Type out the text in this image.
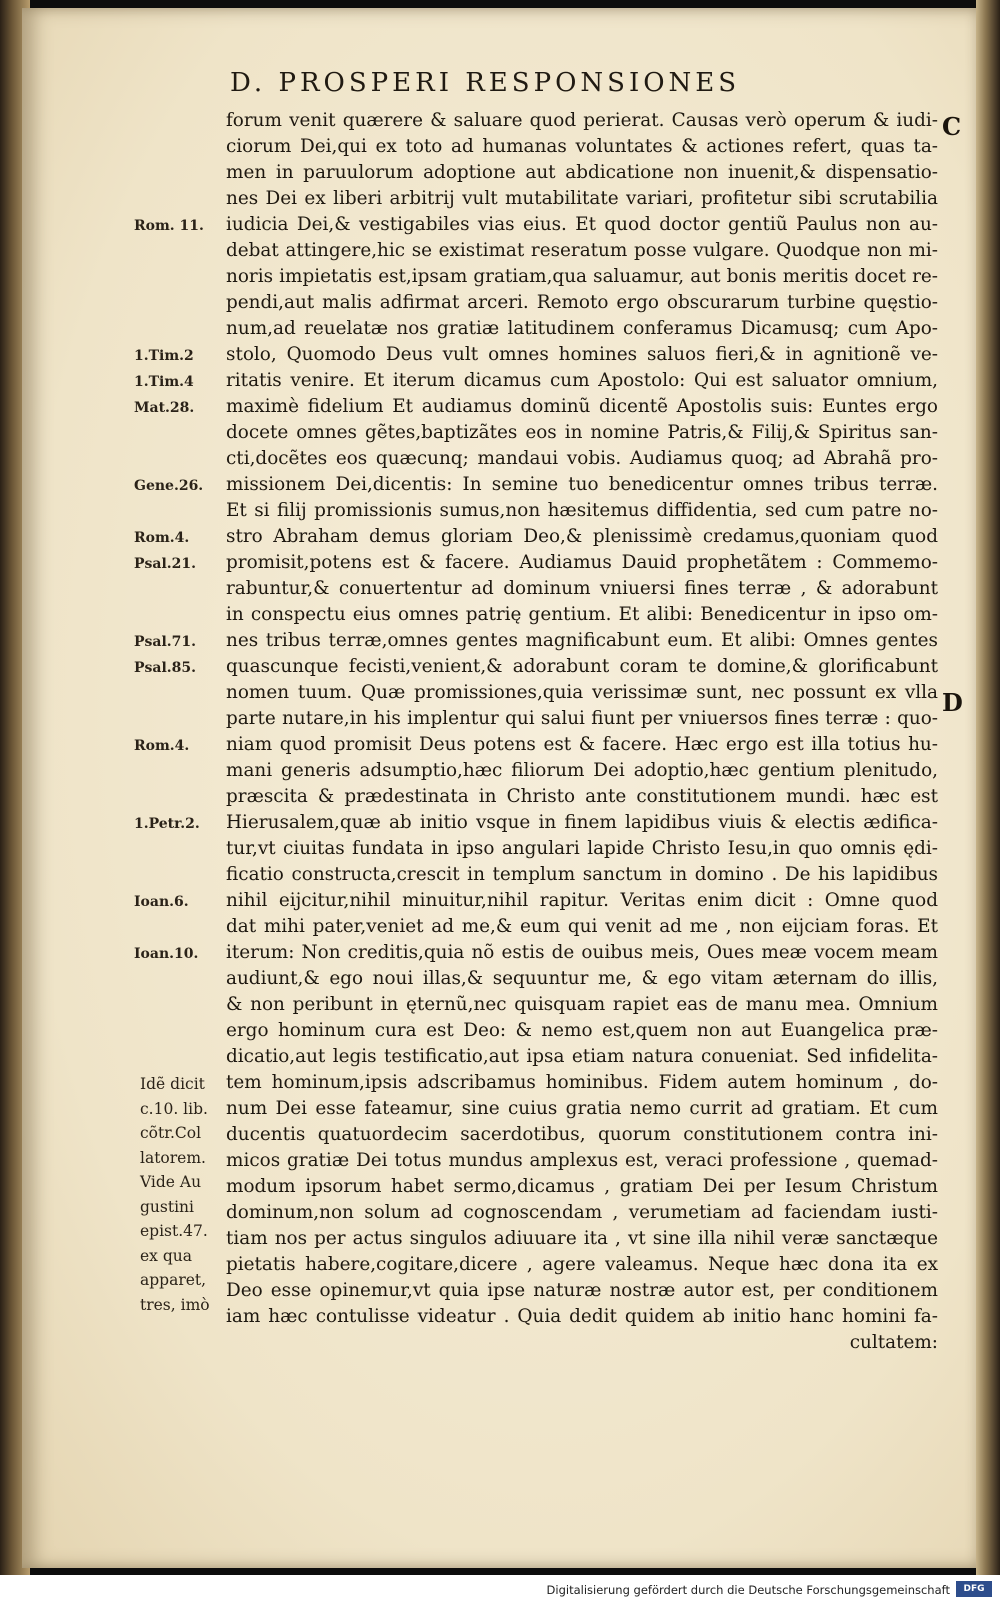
D. PROSPERI RESPONSIONES
forum venit quærere & saluare quod perierat. Causas verò operum & iudi-
ciorum Dei,qui ex toto ad humanas voluntates & actiones refert, quas ta-
men in paruulorum adoptione aut abdicatione non inuenit,& dispensatio-
nes Dei ex liberi arbitrij vult mutabilitate variari, profitetur sibi scrutabilia
iudicia Dei,& vestigabiles vias eius. Et quod doctor gentiũ Paulus non au-
debat attingere,hic se existimat reseratum posse vulgare. Quodque non mi-
noris impietatis est,ipsam gratiam,qua saluamur, aut bonis meritis docet re-
pendi,aut malis adfirmat arceri. Remoto ergo obscurarum turbine quęstio-
num,ad reuelatæ nos gratiæ latitudinem conferamus Dicamusq; cum Apo-
stolo, Quomodo Deus vult omnes homines saluos fieri,& in agnitionẽ ve-
ritatis venire. Et iterum dicamus cum Apostolo: Qui est saluator omnium,
maximè fidelium Et audiamus dominũ dicentẽ Apostolis suis: Euntes ergo
docete omnes gẽtes,baptizãtes eos in nomine Patris,& Filij,& Spiritus san-
cti,docẽtes eos quæcunq; mandaui vobis. Audiamus quoq; ad Abrahã pro-
missionem Dei,dicentis: In semine tuo benedicentur omnes tribus terræ.
Et si filij promissionis sumus,non hæsitemus diffidentia, sed cum patre no-
stro Abraham demus gloriam Deo,& plenissimè credamus,quoniam quod
promisit,potens est & facere. Audiamus Dauid prophetãtem : Commemo-
rabuntur,& conuertentur ad dominum vniuersi fines terræ , & adorabunt
in conspectu eius omnes patrię gentium. Et alibi: Benedicentur in ipso om-
nes tribus terræ,omnes gentes magnificabunt eum. Et alibi: Omnes gentes
quascunque fecisti,venient,& adorabunt coram te domine,& glorificabunt
nomen tuum. Quæ promissiones,quia verissimæ sunt, nec possunt ex vlla
parte nutare,in his implentur qui salui fiunt per vniuersos fines terræ : quo-
niam quod promisit Deus potens est & facere. Hæc ergo est illa totius hu-
mani generis adsumptio,hæc filiorum Dei adoptio,hæc gentium plenitudo,
præscita & prædestinata in Christo ante constitutionem mundi. hæc est
Hierusalem,quæ ab initio vsque in finem lapidibus viuis & electis ædifica-
tur,vt ciuitas fundata in ipso angulari lapide Christo Iesu,in quo omnis ędi-
ficatio constructa,crescit in templum sanctum in domino . De his lapidibus
nihil eijcitur,nihil minuitur,nihil rapitur. Veritas enim dicit : Omne quod
dat mihi pater,veniet ad me,& eum qui venit ad me , non eijciam foras. Et
iterum: Non creditis,quia nõ estis de ouibus meis, Oues meæ vocem meam
audiunt,& ego noui illas,& sequuntur me, & ego vitam æternam do illis,
& non peribunt in ęternũ,nec quisquam rapiet eas de manu mea. Omnium
ergo hominum cura est Deo: & nemo est,quem non aut Euangelica præ-
dicatio,aut legis testificatio,aut ipsa etiam natura conueniat. Sed infidelita-
tem hominum,ipsis adscribamus hominibus. Fidem autem hominum , do-
num Dei esse fateamur, sine cuius gratia nemo currit ad gratiam. Et cum
ducentis quatuordecim sacerdotibus, quorum constitutionem contra ini-
micos gratiæ Dei totus mundus amplexus est, veraci professione , quemad-
modum ipsorum habet sermo,dicamus , gratiam Dei per Iesum Christum
dominum,non solum ad cognoscendam , verumetiam ad faciendam iusti-
tiam nos per actus singulos adiuuare ita , vt sine illa nihil veræ sanctæque
pietatis habere,cogitare,dicere , agere valeamus. Neque hæc dona ita ex
Deo esse opinemur,vt quia ipse naturæ nostræ autor est, per conditionem
iam hæc contulisse videatur . Quia dedit quidem ab initio hanc homini fa-
cultatem:
Rom. 11.
1.Tim.2
1.Tim.4
Mat.28.
Gene.26.
Rom.4.
Psal.21.
Psal.71.
Psal.85.
Rom.4.
1.Petr.2.
Ioan.6.
Ioan.10.
Idẽ dicit
c.10. lib.
cõtr.Col
latorem.
Vide Au
gustini
epist.47.
ex qua
apparet,
tres, imò
C
D
Digitalisierung gefördert durch die Deutsche Forschungsgemeinschaft	DFG
